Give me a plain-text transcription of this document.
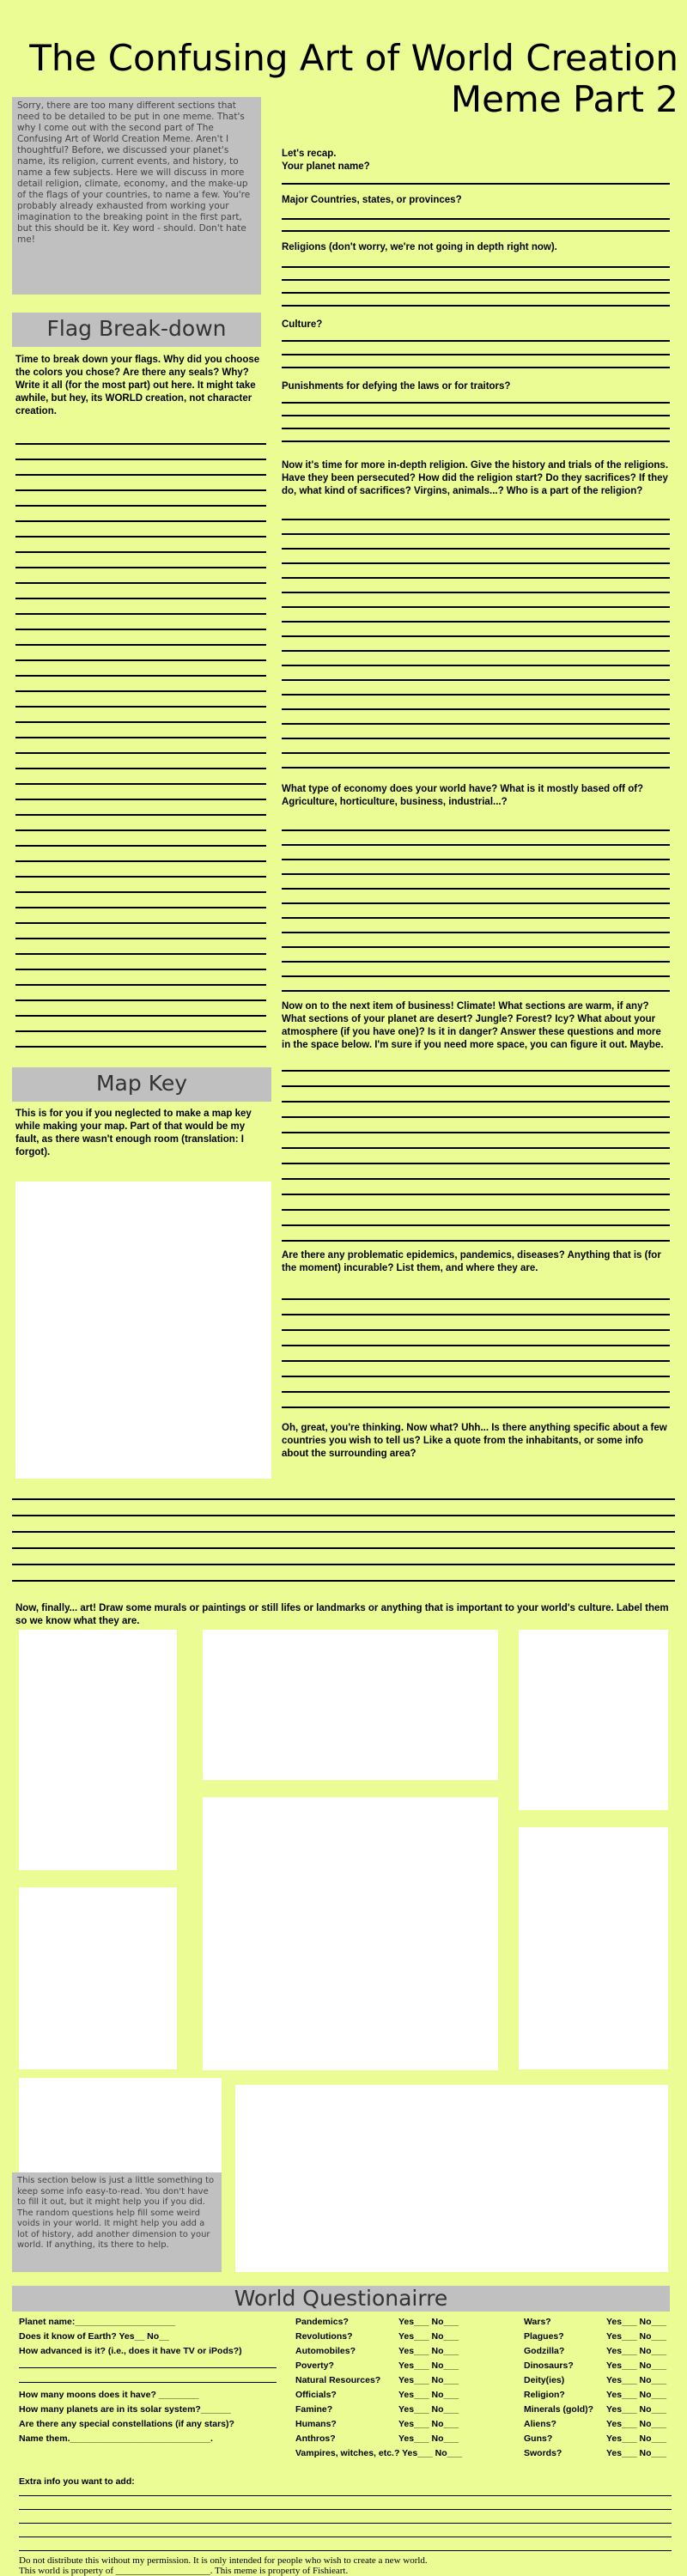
The Confusing Art of World Creation
Meme Part 2
Sorry, there are too many different sections that need to be detailed to be put in one meme. That's why I come out with the second part of The Confusing Art of World Creation Meme. Aren't I thoughtful? Before, we discussed your planet's name, its religion, current events, and history, to name a few subjects. Here we will discuss in more detail religion, climate, economy, and the make-up of the flags of your countries, to name a few. You're probably already exhausted from working your imagination to the breaking point in the first part, but this should be it. Key word - should. Don't hate me!
Let's recap.
Your planet name?
Major Countries, states, or provinces?
Religions (don't worry, we're not going in depth right now).
Culture?
Punishments for defying the laws or for traitors?
Now it's time for more in-depth religion. Give the history and trials of the religions. Have they been persecuted? How did the religion start? Do they sacrifices? If they do, what kind of sacrifices? Virgins, animals...? Who is a part of the religion?
What type of economy does your world have? What is it mostly based off of? Agriculture, horticulture, business, industrial...?
Now on to the next item of business! Climate! What sections are warm, if any? What sections of your planet are desert? Jungle? Forest? Icy? What about your atmosphere (if you have one)? Is it in danger? Answer these questions and more in the space below. I'm sure if you need more space, you can figure it out. Maybe.
Are there any problematic epidemics, pandemics, diseases? Anything that is (for the moment) incurable? List them, and where they are.
Oh, great, you're thinking. Now what? Uhh... Is there anything specific about a few countries you wish to tell us? Like a quote from the inhabitants, or some info about the surrounding area?
Flag Break-down
Time to break down your flags. Why did you choose the colors you chose? Are there any seals? Why? Write it all (for the most part) out here. It might take awhile, but hey, its WORLD creation, not character creation.
Map Key
This is for you if you neglected to make a map key while making your map. Part of that would be my fault, as there wasn't enough room (translation: I forgot).
Now, finally... art! Draw some murals or paintings or still lifes or landmarks or anything that is important to your world's culture. Label them so we know what they are.
This section below is just a little something to keep some info easy-to-read. You don't have to fill it out, but it might help you if you did. The random questions help fill some weird voids in your world. It might help you add a lot of history, add another dimension to your world. If anything, its there to help.
World Questionairre
Planet name:____________________
Does it know of Earth? Yes__ No__
How advanced is it? (i.e., does it have TV or iPods?)
How many moons does it have? ________
How many planets are in its solar system?______
Are there any special constellations (if any stars)?
Name them.____________________________.
Pandemics?	Yes___ No___
Revolutions?	Yes___ No___
Automobiles?	Yes___ No___
Poverty?	Yes___ No___
Natural Resources? Yes___ No___
Officials?	Yes___ No___
Famine?	Yes___ No___
Humans?	Yes___ No___
Anthros?	Yes___ No___
Vampires, witches, etc.? Yes___ No___
Wars?	Yes___ No___
Plagues?	Yes___ No___
Godzilla?	Yes___ No___
Dinosaurs?	Yes___ No___
Deity(ies)	Yes___ No___
Religion?	Yes___ No___
Minerals (gold)? Yes___ No___
Aliens?	Yes___ No___
Guns?	Yes___ No___
Swords?	Yes___ No___
Extra info you want to add:
Do not distribute this without my permission. It is only intended for people who wish to create a new world.
This world is property of ____________________. This meme is property of Fishieart.
